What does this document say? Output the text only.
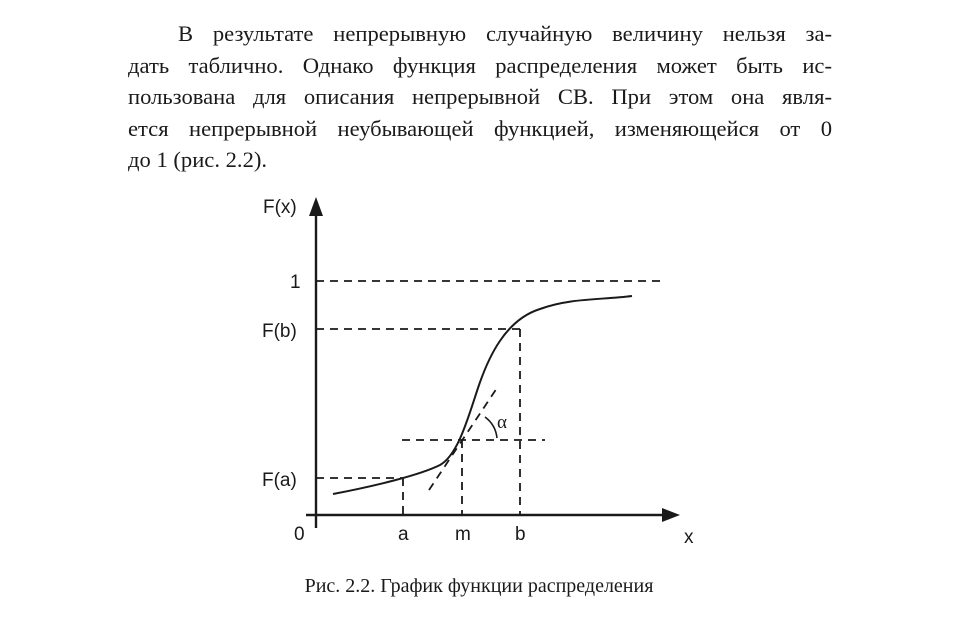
В результате непрерывную случайную величину нельзя за-
дать таблично. Однако функция распределения может быть ис-
пользована для описания непрерывной СВ. При этом она явля-
ется непрерывной неубывающей функцией, изменяющейся от 0
до 1 (рис. 2.2).
F(x)
1
F(b)
F(a)
0	a m b	x
α
Рис. 2.2. График функции распределения
